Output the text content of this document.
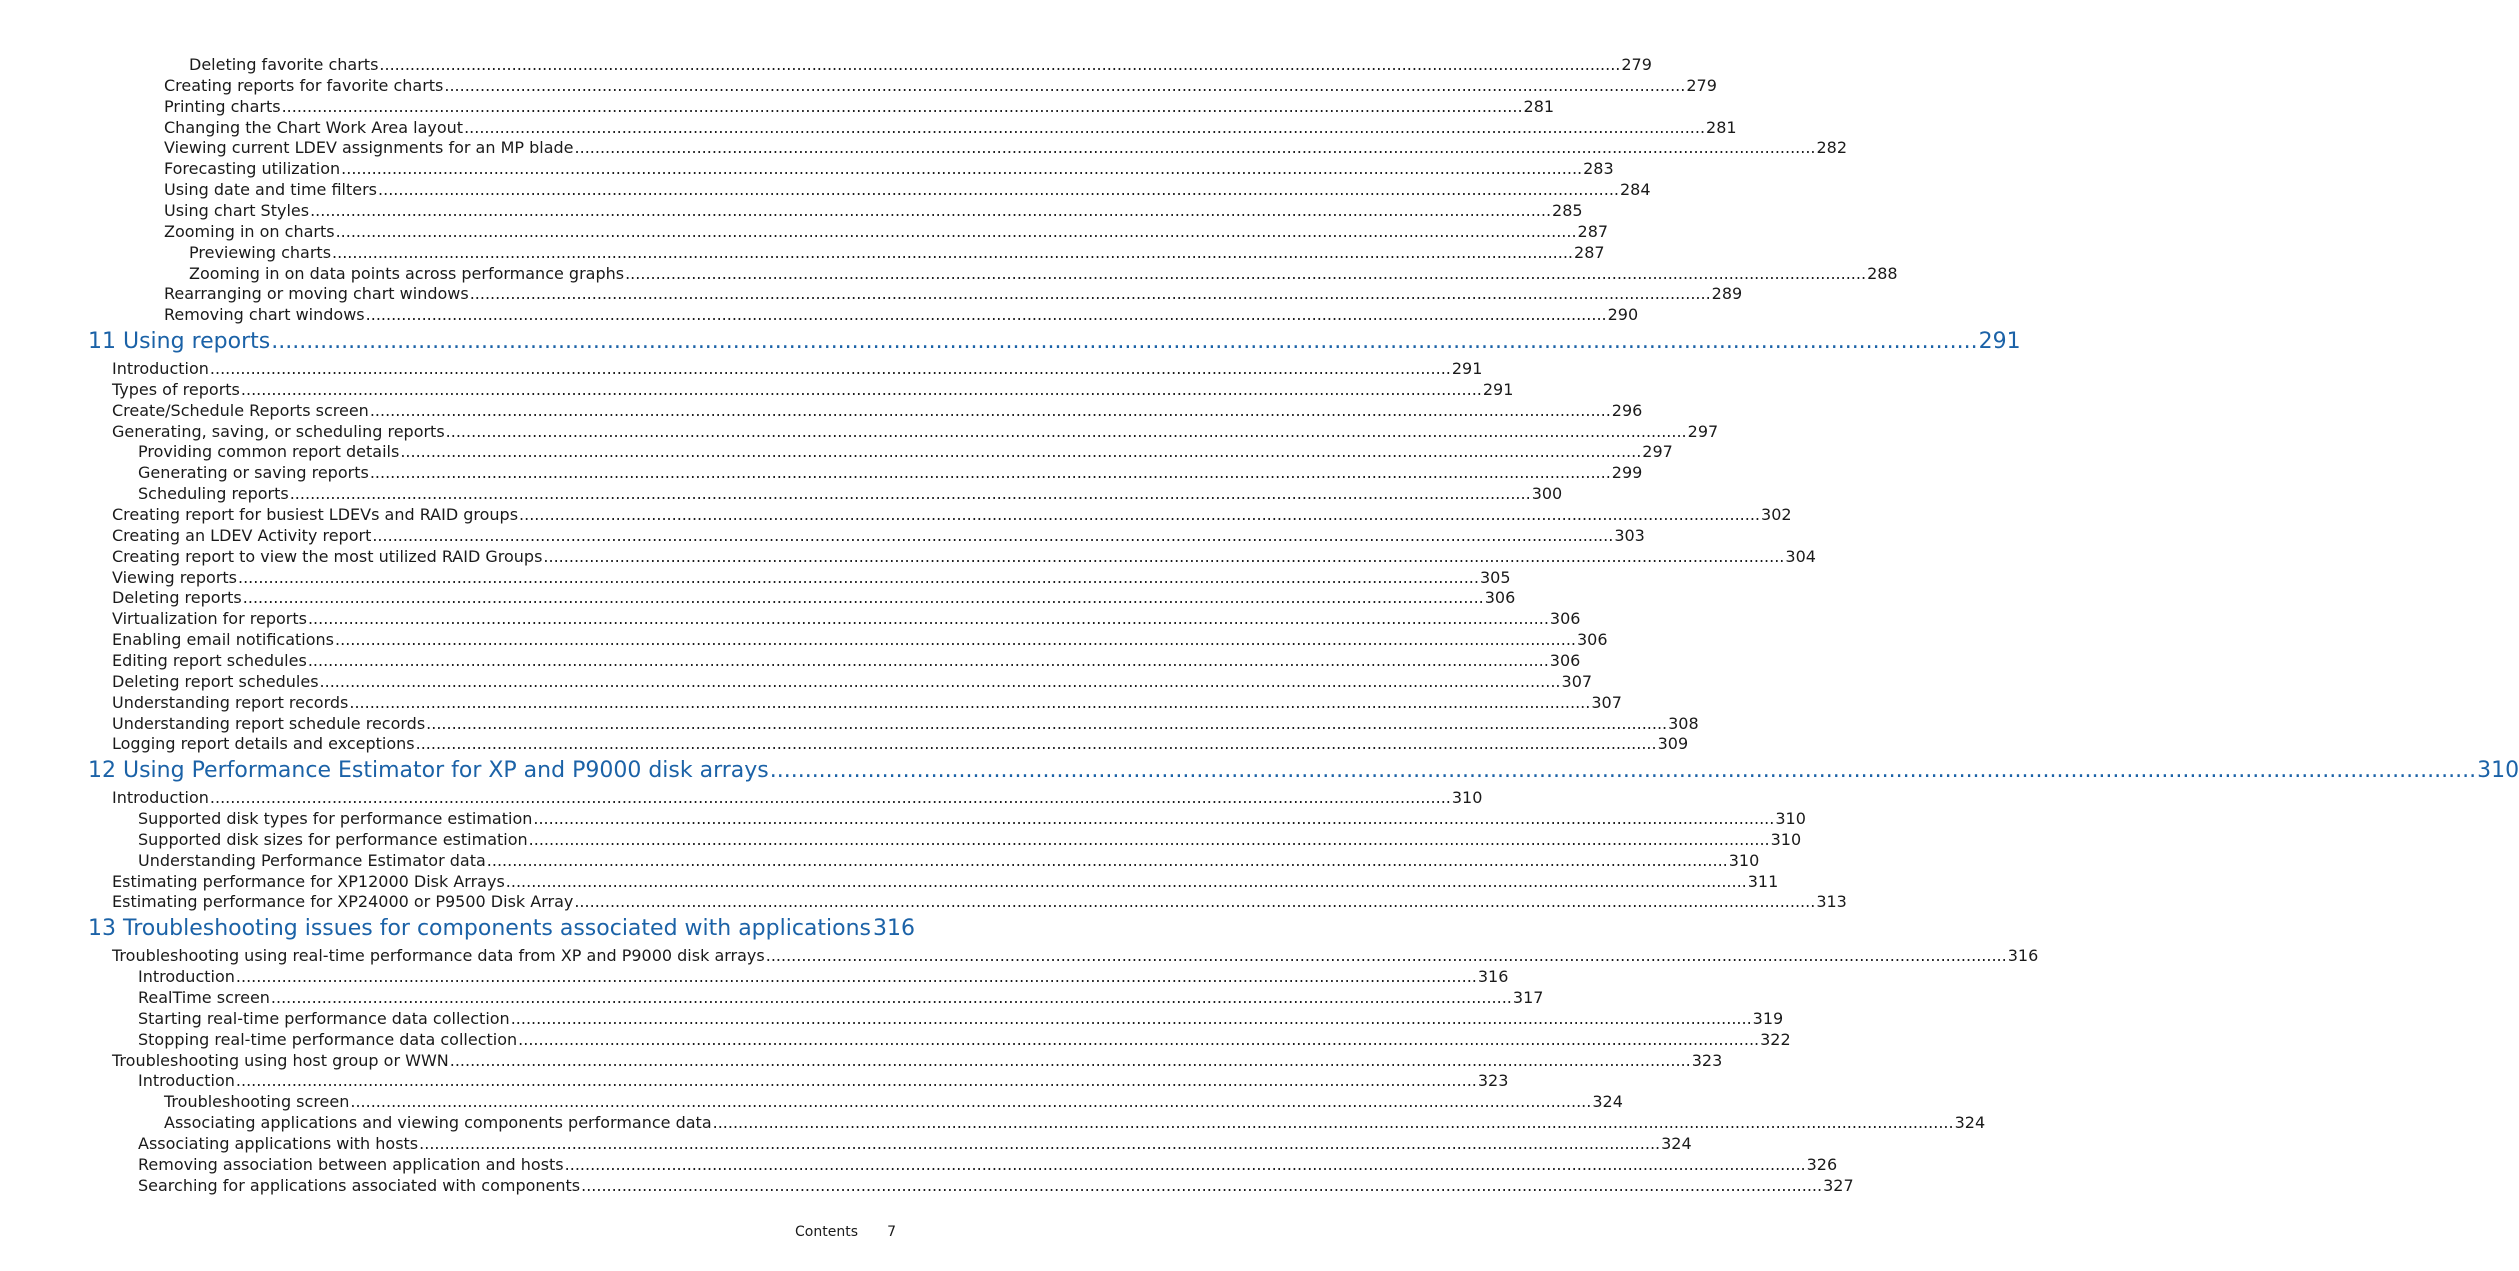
Deleting favorite charts .....	279
Creating reports for favorite charts .....	279
Printing charts .....	281
Changing the Chart Work Area layout .....	281
Viewing current LDEV assignments for an MP blade .....	282
Forecasting utilization .....	283
Using date and time filters .....	284
Using chart Styles .....	285
Zooming in on charts .....	287
Previewing charts .....	287
Zooming in on data points across performance graphs .....	288
Rearranging or moving chart windows .....	289
Removing chart windows .....	290
11 Using reports .....	291
Introduction .....	291
Types of reports .....	291
Create/Schedule Reports screen .....	296
Generating, saving, or scheduling reports .....	297
Providing common report details .....	297
Generating or saving reports .....	299
Scheduling reports .....	300
Creating report for busiest LDEVs and RAID groups .....	302
Creating an LDEV Activity report .....	303
Creating report to view the most utilized RAID Groups .....	304
Viewing reports .....	305
Deleting reports .....	306
Virtualization for reports .....	306
Enabling email notifications .....	306
Editing report schedules .....	306
Deleting report schedules .....	307
Understanding report records .....	307
Understanding report schedule records .....	308
Logging report details and exceptions .....	309
12 Using Performance Estimator for XP and P9000 disk arrays .....	310
Introduction .....	310
Supported disk types for performance estimation .....	310
Supported disk sizes for performance estimation .....	310
Understanding Performance Estimator data .....	310
Estimating performance for XP12000 Disk Arrays .....	311
Estimating performance for XP24000 or P9500 Disk Array .....	313
13 Troubleshooting issues for components associated with applications 316
Troubleshooting using real-time performance data from XP and P9000 disk arrays .....	316
Introduction .....	316
RealTime screen .....	317
Starting real-time performance data collection .....	319
Stopping real-time performance data collection .....	322
Troubleshooting using host group or WWN .....	323
Introduction .....	323
Troubleshooting screen .....	324
Associating applications and viewing components performance data .....	324
Associating applications with hosts .....	324
Removing association between application and hosts .....	326
Searching for applications associated with components .....	327
Contents 7
